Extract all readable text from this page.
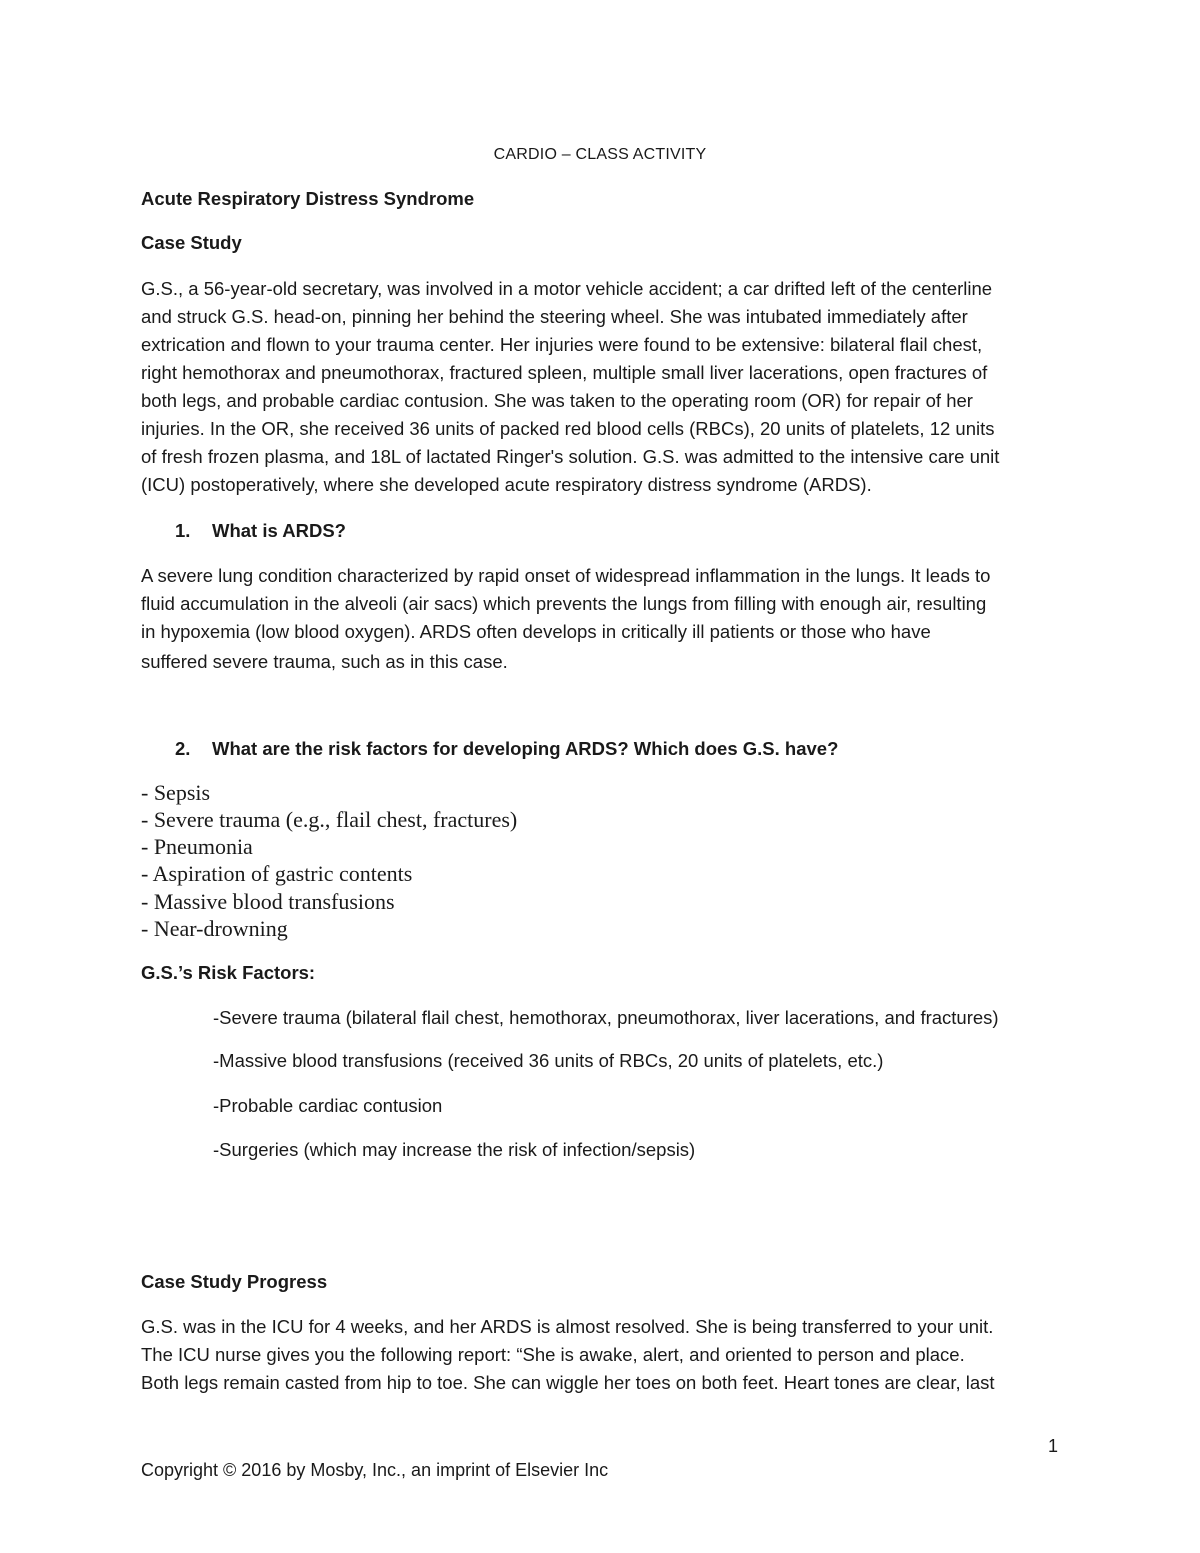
CARDIO – CLASS ACTIVITY
Acute Respiratory Distress Syndrome
Case Study
G.S., a 56-year-old secretary, was involved in a motor vehicle accident; a car drifted left of the centerline
and struck G.S. head-on, pinning her behind the steering wheel. She was intubated immediately after
extrication and flown to your trauma center. Her injuries were found to be extensive: bilateral flail chest,
right hemothorax and pneumothorax, fractured spleen, multiple small liver lacerations, open fractures of
both legs, and probable cardiac contusion. She was taken to the operating room (OR) for repair of her
injuries. In the OR, she received 36 units of packed red blood cells (RBCs), 20 units of platelets, 12 units
of fresh frozen plasma, and 18L of lactated Ringer's solution. G.S. was admitted to the intensive care unit
(ICU) postoperatively, where she developed acute respiratory distress syndrome (ARDS).
1. What is ARDS?
A severe lung condition characterized by rapid onset of widespread inflammation in the lungs. It leads to
fluid accumulation in the alveoli (air sacs) which prevents the lungs from filling with enough air, resulting
in hypoxemia (low blood oxygen). ARDS often develops in critically ill patients or those who have
suffered severe trauma, such as in this case.
2. What are the risk factors for developing ARDS? Which does G.S. have?
- Sepsis
- Severe trauma (e.g., flail chest, fractures)
- Pneumonia
- Aspiration of gastric contents
- Massive blood transfusions
- Near-drowning
G.S.’s Risk Factors:
-Severe trauma (bilateral flail chest, hemothorax, pneumothorax, liver lacerations, and fractures)
-Massive blood transfusions (received 36 units of RBCs, 20 units of platelets, etc.)
-Probable cardiac contusion
-Surgeries (which may increase the risk of infection/sepsis)
Case Study Progress
G.S. was in the ICU for 4 weeks, and her ARDS is almost resolved. She is being transferred to your unit.
The ICU nurse gives you the following report: “She is awake, alert, and oriented to person and place.
Both legs remain casted from hip to toe. She can wiggle her toes on both feet. Heart tones are clear, last
1
Copyright © 2016 by Mosby, Inc., an imprint of Elsevier Inc
